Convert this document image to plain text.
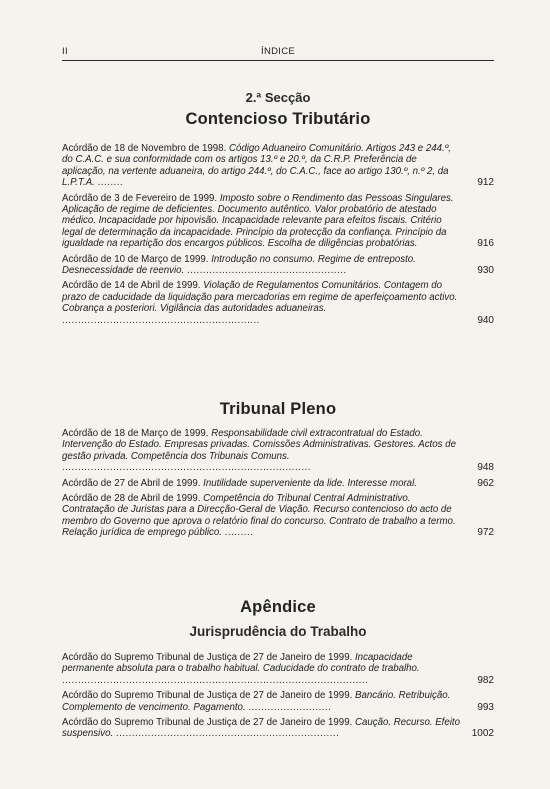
II	ÍNDICE
2.ª Secção
Contencioso Tributário
Acórdão de 18 de Novembro de 1998. Código Aduaneiro Comunitário. Artigos 243 e 244.º, do C.A.C. e sua conformidade com os artigos 13.º e 20.º, da C.R.P. Preferência de aplicação, na vertente aduaneira, do artigo 244.º, do C.A.C., face ao artigo 130.º, n.º 2, da L.P.T.A. ........	912
Acórdão de 3 de Fevereiro de 1999. Imposto sobre o Rendimento das Pessoas Singulares. Aplicação de regime de deficientes. Documento autêntico. Valor probatório de atestado médico. Incapacidade por hipovisão. Incapacidade relevante para efeitos fiscais. Critério legal de determinação da incapacidade. Princípio da protecção da confiança. Princípio da igualdade na repartição dos encargos públicos. Escolha de diligências probatórias.	916
Acórdão de 10 de Março de 1999. Introdução no consumo. Regime de entreposto. Desnecessidade de reenvio. ..................................................	930
Acórdão de 14 de Abril de 1999. Violação de Regulamentos Comunitários. Contagem do prazo de caducidade da liquidação para mercadorias em regime de aperfeiçoamento activo. Cobrança a posteriori. Vigilância das autoridades aduaneiras. ..............................................................	940
Tribunal Pleno
Acórdão de 18 de Março de 1999. Responsabilidade civil extracontratual do Estado. Intervenção do Estado. Empresas privadas. Comissões Administrativas. Gestores. Actos de gestão privada. Competência dos Tribunais Comuns. ..............................................................................	948
Acórdão de 27 de Abril de 1999. Inutilidade superveniente da lide. Interesse moral.	962
Acórdão de 28 de Abril de 1999. Competência do Tribunal Central Administrativo. Contratação de Juristas para a Direcção-Geral de Viação. Recurso contencioso do acto de membro do Governo que aprova o relatório final do concurso. Contrato de trabalho a termo. Relação jurídica de emprego público. .........	972
Apêndice
Jurisprudência do Trabalho
Acórdão do Supremo Tribunal de Justiça de 27 de Janeiro de 1999. Incapacidade permanente absoluta para o trabalho habitual. Caducidade do contrato de trabalho. ................................................................................................	982
Acórdão do Supremo Tribunal de Justiça de 27 de Janeiro de 1999. Bancário. Retribuição. Complemento de vencimento. Pagamento. ..........................	993
Acórdão do Supremo Tribunal de Justiça de 27 de Janeiro de 1999. Caução. Recurso. Efeito suspensivo. ......................................................................	1002
